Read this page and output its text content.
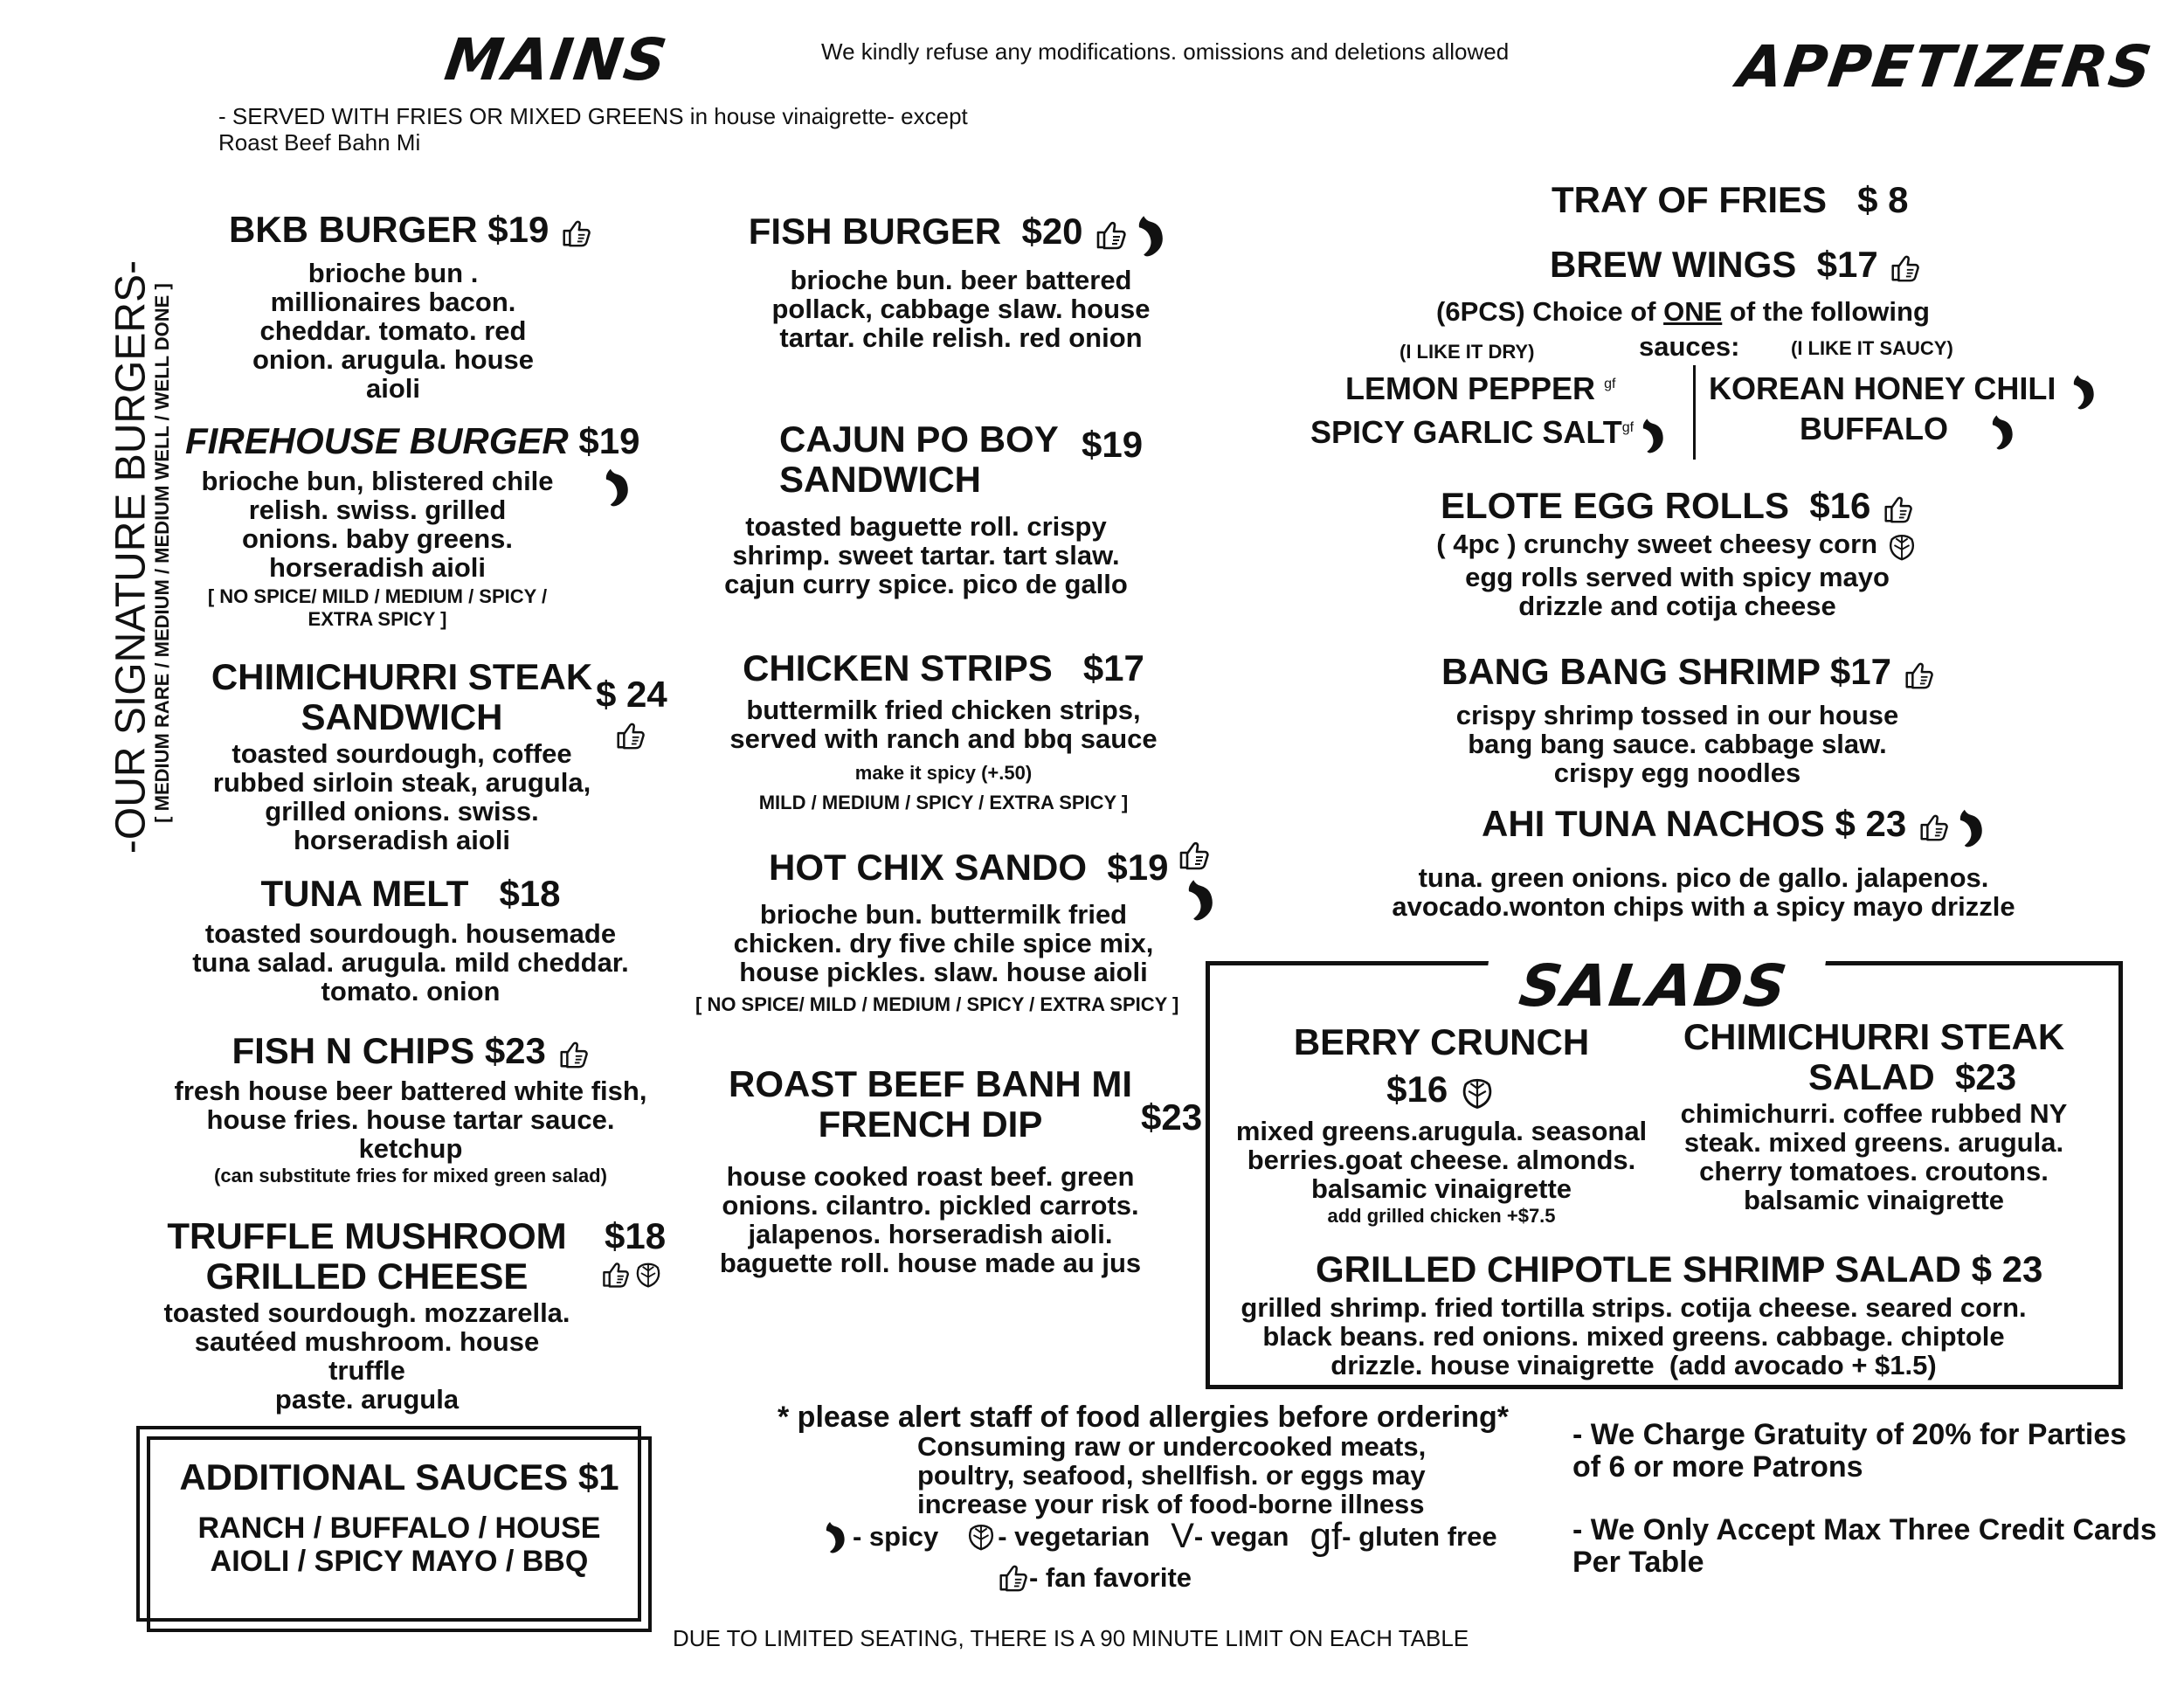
MAINS	APPETIZERS
We kindly refuse any modifications. omissions and deletions allowed
- SERVED WITH FRIES OR MIXED GREENS in house vinaigrette- except
Roast Beef Bahn Mi
-OUR SIGNATURE BURGERS-
[ MEDIUM RARE / MEDIUM / MEDIUM WELL / WELL DONE ]
BKB BURGER $19
brioche bun .
millionaires bacon.
cheddar. tomato. red
onion. arugula. house
aioli
FIREHOUSE BURGER $19
brioche bun, blistered chile
relish. swiss. grilled
onions. baby greens.
horseradish aioli
[ NO SPICE/ MILD / MEDIUM / SPICY /
EXTRA SPICY ]
CHIMICHURRI STEAK
SANDWICH
$ 24
toasted sourdough, coffee
rubbed sirloin steak, arugula,
grilled onions. swiss.
horseradish aioli
TUNA MELT $18
toasted sourdough. housemade
tuna salad. arugula. mild cheddar.
tomato. onion
FISH N CHIPS $23
fresh house beer battered white fish,
house fries. house tartar sauce.
ketchup
(can substitute fries for mixed green salad)
TRUFFLE MUSHROOM
GRILLED CHEESE
$18
toasted sourdough. mozzarella.
sautéed mushroom. house truffle
paste. arugula
FISH BURGER $20
brioche bun. beer battered
pollack, cabbage slaw. house
tartar. chile relish. red onion
CAJUN PO BOY
SANDWICH
$19
toasted baguette roll. crispy
shrimp. sweet tartar. tart slaw.
cajun curry spice. pico de gallo
CHICKEN STRIPS $17
buttermilk fried chicken strips,
served with ranch and bbq sauce
make it spicy (+.50)
MILD / MEDIUM / SPICY / EXTRA SPICY ]
HOT CHIX SANDO $19
brioche bun. buttermilk fried
chicken. dry five chile spice mix,
house pickles. slaw. house aioli
[ NO SPICE/ MILD / MEDIUM / SPICY / EXTRA SPICY ]
ROAST BEEF BANH MI
FRENCH DIP	$23
house cooked roast beef. green
onions. cilantro. pickled carrots.
jalapenos. horseradish aioli.
baguette roll. house made au jus
TRAY OF FRIES $ 8
BREW WINGS $17
(6PCS) Choice of ONE of the following
sauces:
(I LIKE IT DRY)	(I LIKE IT SAUCY)
LEMON PEPPER $^{gf}$
SPICY GARLIC $SALT^{gf}$
KOREAN HONEY CHILI
BUFFALO
ELOTE EGG ROLLS $16
( 4pc ) crunchy sweet cheesy corn
egg rolls served with spicy mayo
drizzle and cotija cheese
BANG BANG SHRIMP $17
crispy shrimp tossed in our house
bang bang sauce. cabbage slaw.
crispy egg noodles
AHI TUNA NACHOS $ 23
tuna. green onions. pico de gallo. jalapenos.
avocado.wonton chips with a spicy mayo drizzle
SALADS
BERRY CRUNCH
$16
mixed greens.arugula. seasonal
berries.goat cheese. almonds.
balsamic vinaigrette
add grilled chicken +$7.5
CHIMICHURRI STEAK
SALAD $23
chimichurri. coffee rubbed NY
steak. mixed greens. arugula.
cherry tomatoes. croutons.
balsamic vinaigrette
GRILLED CHIPOTLE SHRIMP SALAD $ 23
grilled shrimp. fried tortilla strips. cotija cheese. seared corn.
black beans. red onions. mixed greens. cabbage. chiptole
drizzle. house vinaigrette (add avocado + $1.5)
ADDITIONAL SAUCES $1
RANCH / BUFFALO / HOUSE
AIOLI / SPICY MAYO / BBQ
* please alert staff of food allergies before ordering*
Consuming raw or undercooked meats,
poultry, seafood, shellfish. or eggs may
increase your risk of food-borne illness
- spicy - vegetarian V - vegan gf - gluten free
- fan favorite
- We Charge Gratuity of 20% for Parties
of 6 or more Patrons
- We Only Accept Max Three Credit Cards
Per Table
DUE TO LIMITED SEATING, THERE IS A 90 MINUTE LIMIT ON EACH TABLE
